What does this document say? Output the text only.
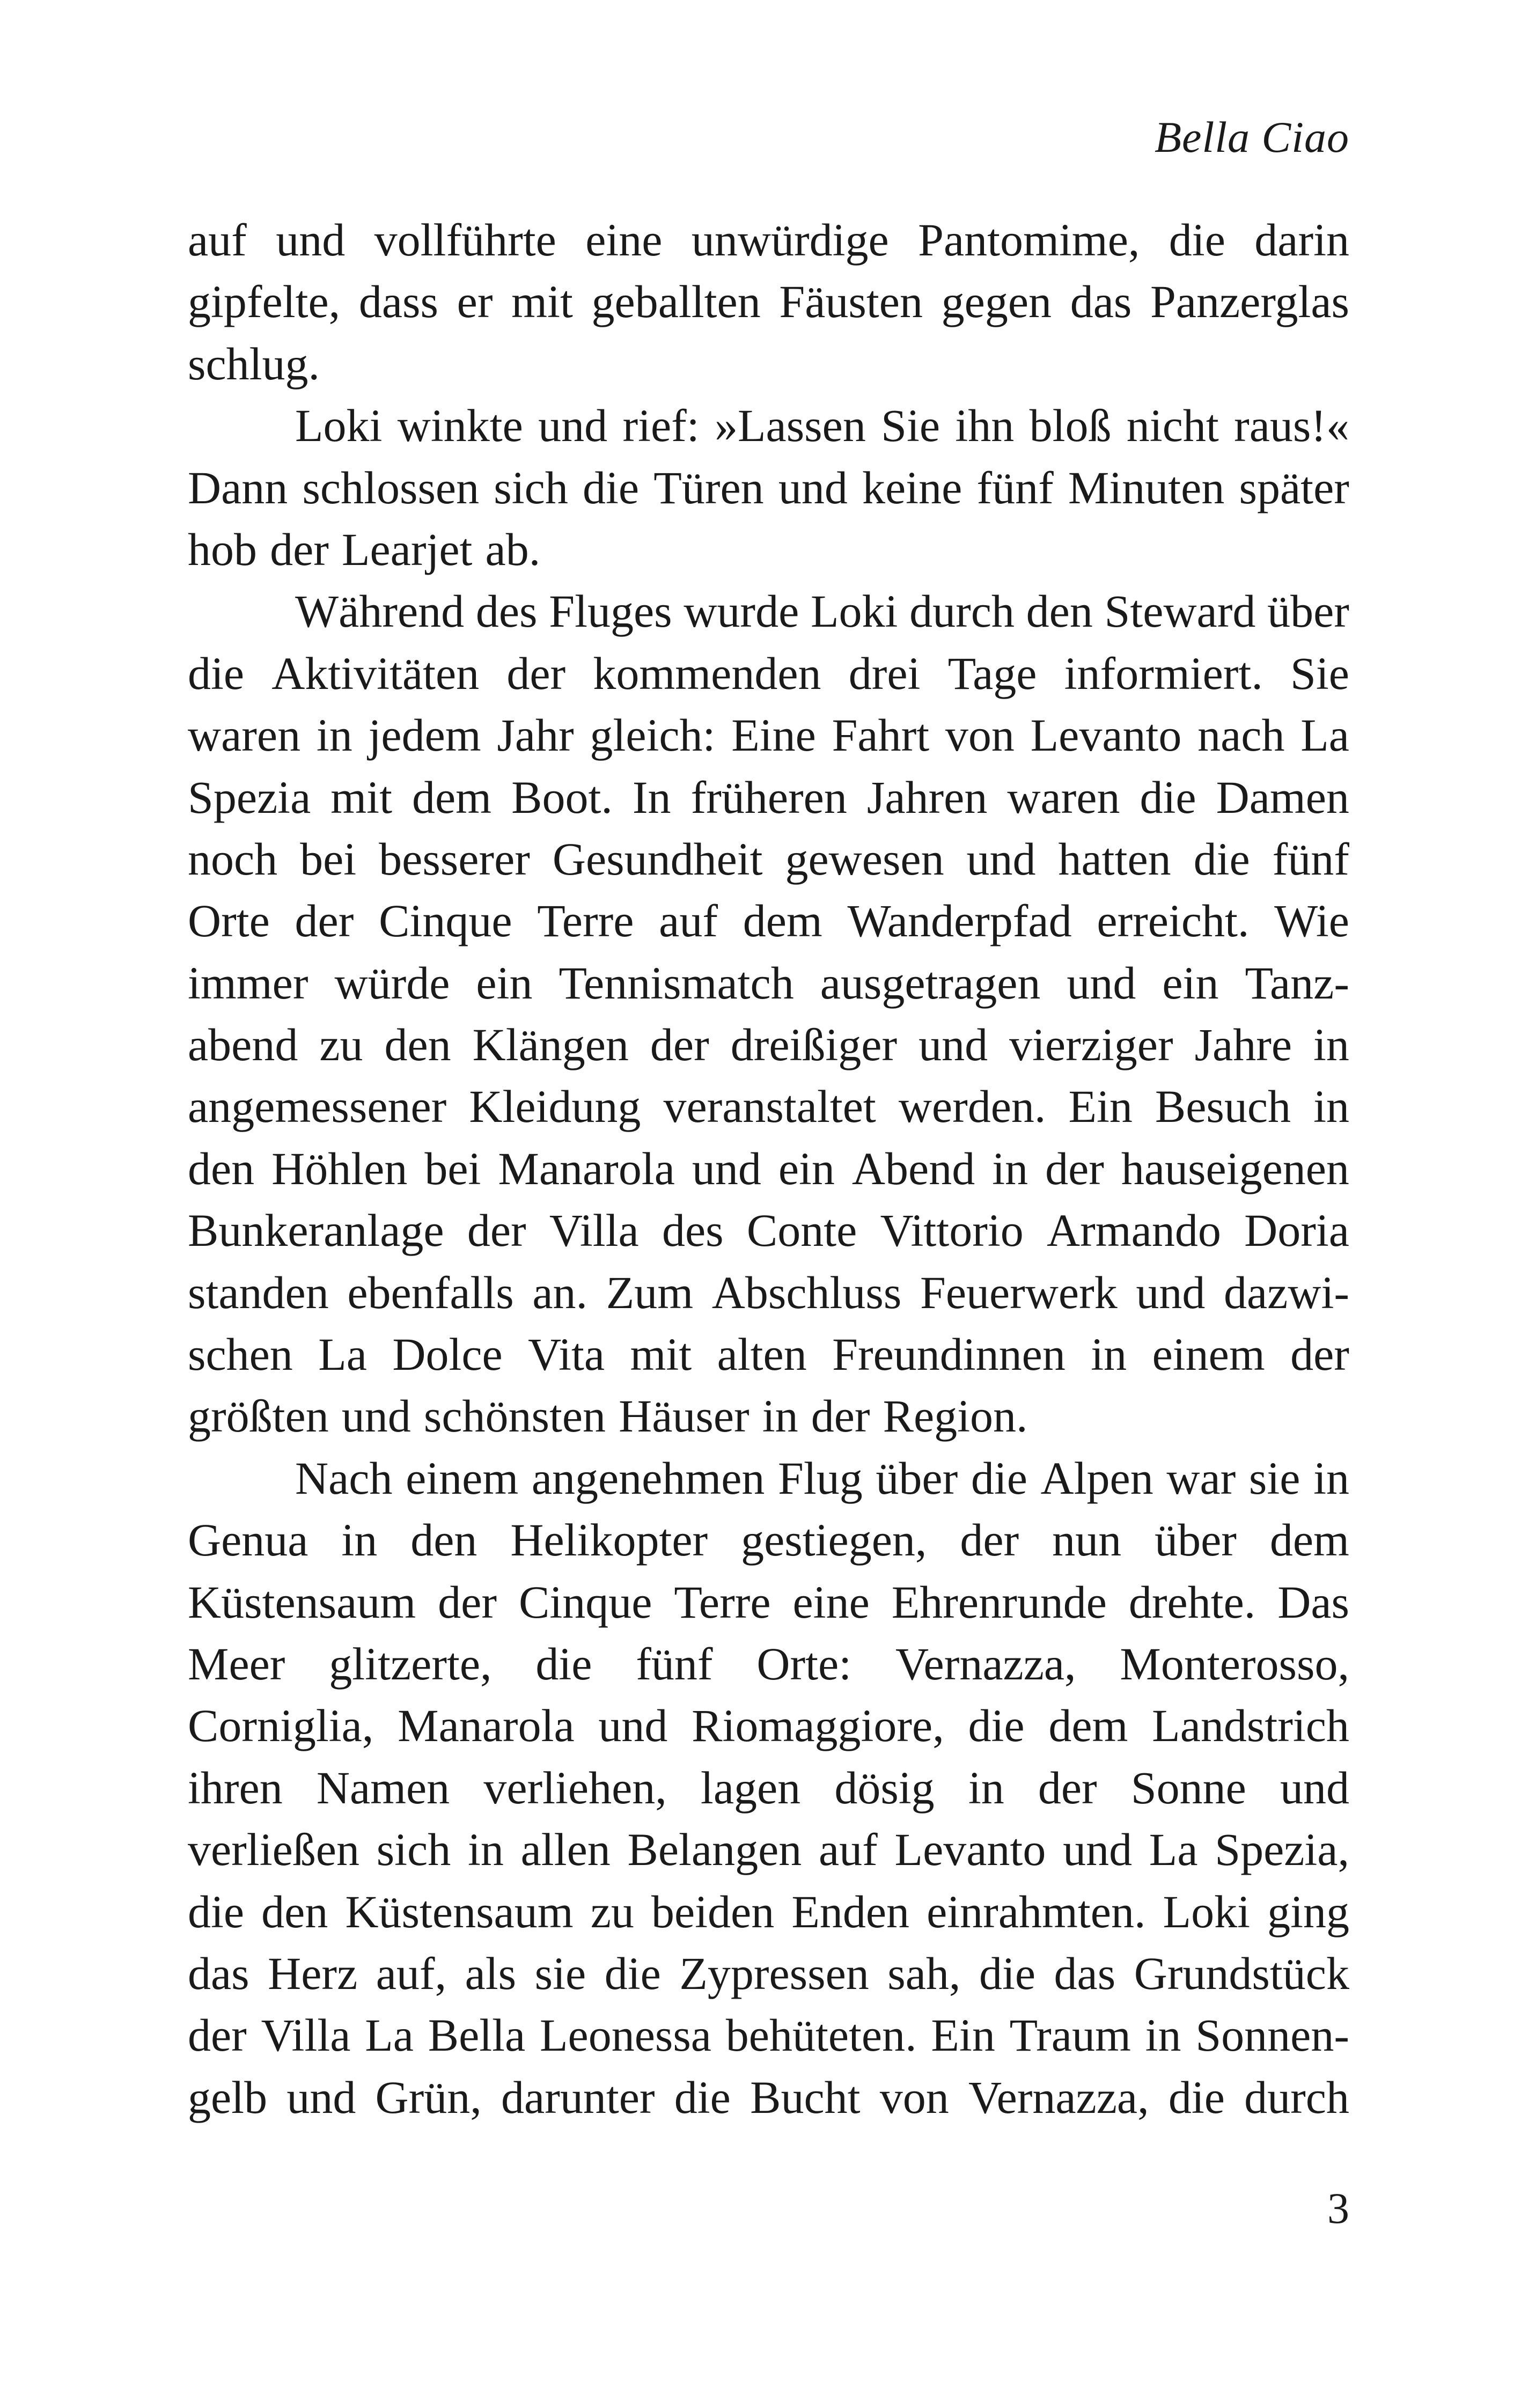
Bella Ciao
auf und vollführte eine unwürdige Pantomime, die darin
gipfelte, dass er mit geballten Fäusten gegen das Panzerglas
schlug.
Loki winkte und rief: »Lassen Sie ihn bloß nicht raus!«
Dann schlossen sich die Türen und keine fünf Minuten später
hob der Learjet ab.
Während des Fluges wurde Loki durch den Steward über
die Aktivitäten der kommenden drei Tage informiert. Sie
waren in jedem Jahr gleich: Eine Fahrt von Levanto nach La
Spezia mit dem Boot. In früheren Jahren waren die Damen
noch bei besserer Gesundheit gewesen und hatten die fünf
Orte der Cinque Terre auf dem Wanderpfad erreicht. Wie
immer würde ein Tennismatch ausgetragen und ein Tanz-
abend zu den Klängen der dreißiger und vierziger Jahre in
angemessener Kleidung veranstaltet werden. Ein Besuch in
den Höhlen bei Manarola und ein Abend in der hauseigenen
Bunkeranlage der Villa des Conte Vittorio Armando Doria
standen ebenfalls an. Zum Abschluss Feuerwerk und dazwi-
schen La Dolce Vita mit alten Freundinnen in einem der
größten und schönsten Häuser in der Region.
Nach einem angenehmen Flug über die Alpen war sie in
Genua in den Helikopter gestiegen, der nun über dem
Küstensaum der Cinque Terre eine Ehrenrunde drehte. Das
Meer glitzerte, die fünf Orte: Vernazza, Monterosso,
Corniglia, Manarola und Riomaggiore, die dem Landstrich
ihren Namen verliehen, lagen dösig in der Sonne und
verließen sich in allen Belangen auf Levanto und La Spezia,
die den Küstensaum zu beiden Enden einrahmten. Loki ging
das Herz auf, als sie die Zypressen sah, die das Grundstück
der Villa La Bella Leonessa behüteten. Ein Traum in Sonnen-
gelb und Grün, darunter die Bucht von Vernazza, die durch
3
